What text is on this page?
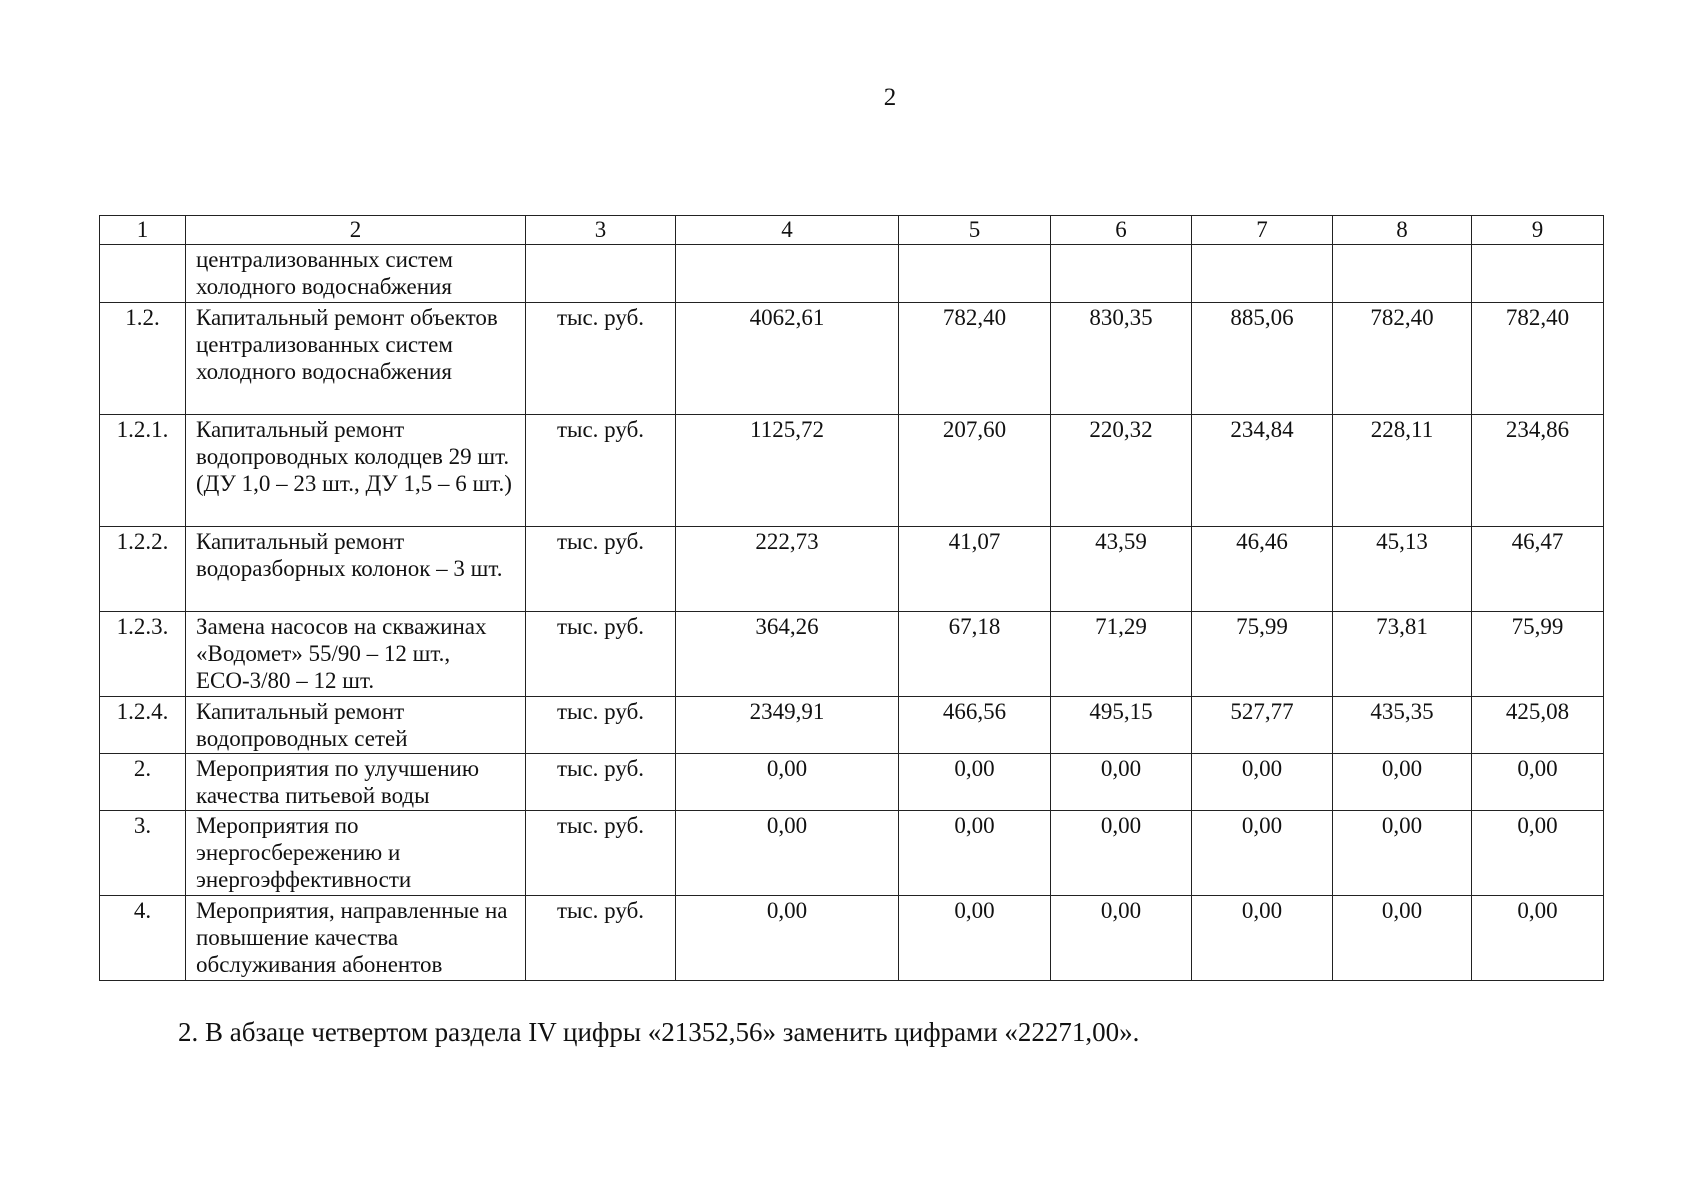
2
1	2	3	4	5	6	7	8	9
	централизованных систем холодного водоснабжения							
1.2.	Капитальный ремонт объектов централизованных систем холодного водоснабжения	тыс. руб.	4062,61	782,40	830,35	885,06	782,40	782,40
1.2.1.	Капитальный ремонт водопроводных колодцев 29 шт. (ДУ 1,0 – 23 шт., ДУ 1,5 – 6 шт.)	тыс. руб.	1125,72	207,60	220,32	234,84	228,11	234,86
1.2.2.	Капитальный ремонт водоразборных колонок – 3 шт.	тыс. руб.	222,73	41,07	43,59	46,46	45,13	46,47
1.2.3.	Замена насосов на скважинах «Водомет» 55/90 – 12 шт., ЕСО-3/80 – 12 шт.	тыс. руб.	364,26	67,18	71,29	75,99	73,81	75,99
1.2.4.	Капитальный ремонт водопроводных сетей	тыс. руб.	2349,91	466,56	495,15	527,77	435,35	425,08
2.	Мероприятия по улучшению качества питьевой воды	тыс. руб.	0,00	0,00	0,00	0,00	0,00	0,00
3.	Мероприятия по энергосбережению и энергоэффективности	тыс. руб.	0,00	0,00	0,00	0,00	0,00	0,00
4.	Мероприятия, направленные на повышение качества обслуживания абонентов	тыс. руб.	0,00	0,00	0,00	0,00	0,00	0,00
2. В абзаце четвертом раздела IV цифры «21352,56» заменить цифрами «22271,00».
